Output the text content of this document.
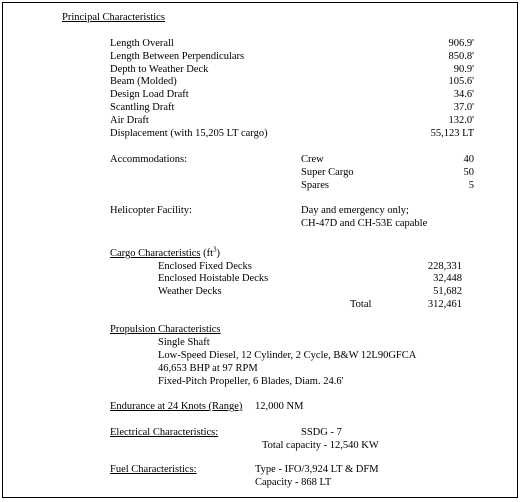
Principal Characteristics
Length Overall	906.9'
Length Between Perpendiculars	850.8'
Depth to Weather Deck	90.9'
Beam (Molded)	105.6'
Design Load Draft	34.6'
Scantling Draft	37.0'
Air Draft	132.0'
Displacement (with 15,205 LT cargo)	55,123 LT
Accommodations:	Crew	40
Super Cargo	50
Spares	5
Helicopter Facility:	Day and emergency only;
CH-47D and CH-53E capable
Cargo Characteristics $(ft^3)$
Enclosed Fixed Decks	228,331
Enclosed Hoistable Decks	32,448
Weather Decks	51,682
Total	312,461
Propulsion Characteristics
Single Shaft
Low-Speed Diesel, 12 Cylinder, 2 Cycle, B&W 12L90GFCA
46,653 BHP at 97 RPM
Fixed-Pitch Propeller, 6 Blades, Diam. 24.6'
Endurance at 24 Knots (Range) 12,000 NM
Electrical Characteristics:	SSDG - 7
Total capacity - 12,540 KW
Fuel Characteristics:	Type - IFO/3,924 LT & DFM
Capacity - 868 LT
